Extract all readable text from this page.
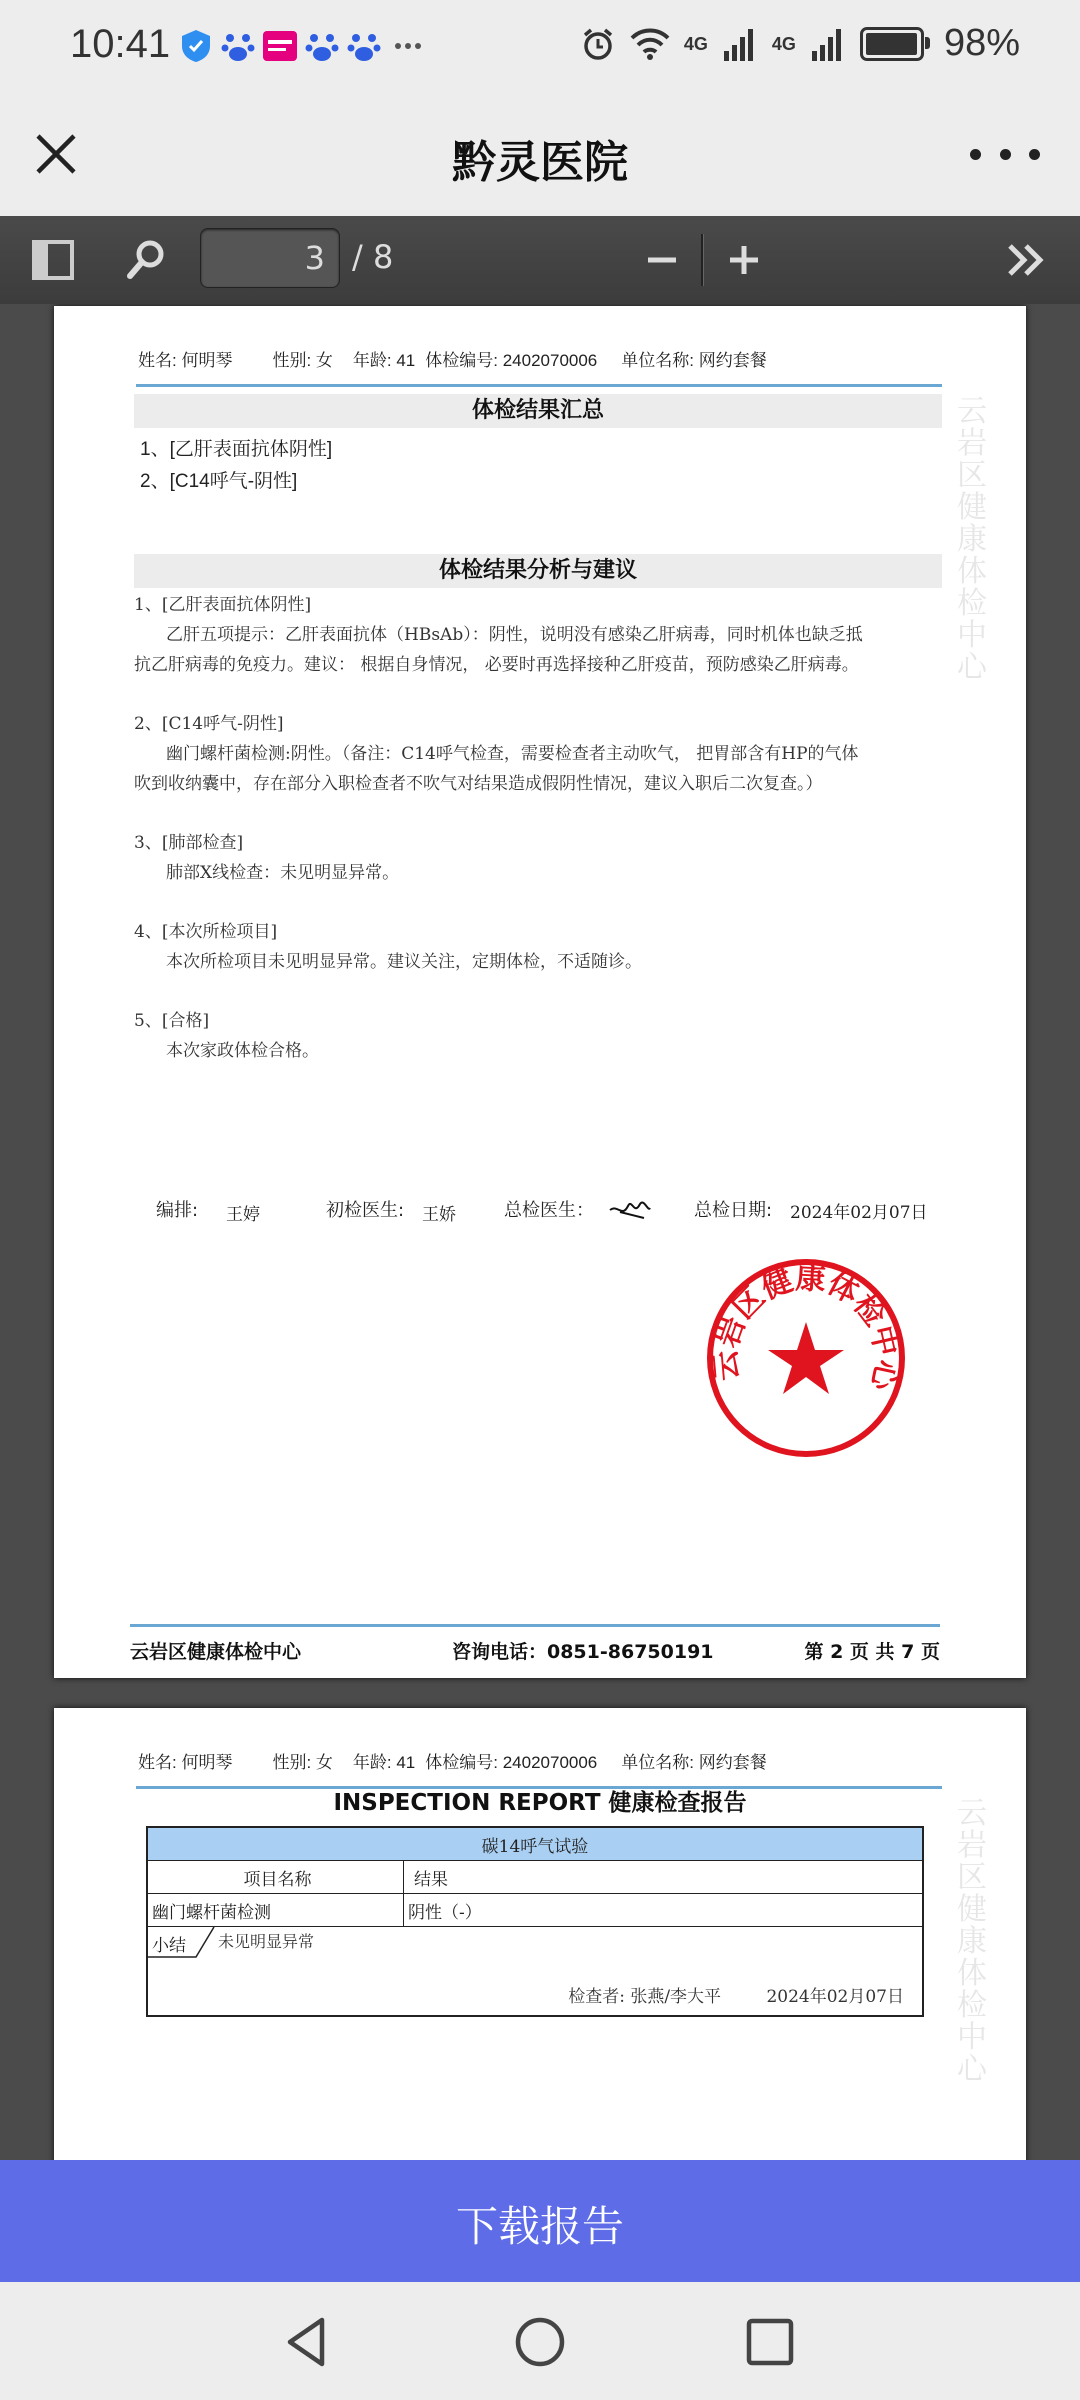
10:41	4G	4G	98%
黔灵医院
3 / 8
姓名: 何明琴 性别: 女 年龄: 41 体检编号: 2402070006 单位名称: 网约套餐
体检结果汇总
1、[乙肝表面抗体阴性]
2、[C14呼气-阴性]
体检结果分析与建议
1、[乙肝表面抗体阴性]
乙肝五项提示：乙肝表面抗体（HBsAb）：阴性，说明没有感染乙肝病毒，同时机体也缺乏抵抗乙肝病毒的免疫力。建议： 根据自身情况， 必要时再选择接种乙肝疫苗，预防感染乙肝病毒。
2、[C14呼气-阴性]
幽门螺杆菌检测:阴性。（备注：C14呼气检查，需要检查者主动吹气， 把胃部含有HP的气体吹到收纳囊中，存在部分入职检查者不吹气对结果造成假阴性情况，建议入职后二次复查。）
3、[肺部检查]
肺部X线检查：未见明显异常。
4、[本次所检项目]
本次所检项目未见明显异常。建议关注，定期体检，不适随诊。
5、[合格]
本次家政体检合格。
编排: 王婷	初检医生: 王娇	总检医生：	总检日期: 2024年02月07日
云岩区健康体检中心
云岩区健康体检中心
云岩区健康体检中心	咨询电话：0851-86750191	第 2 页 共 7 页
姓名: 何明琴 性别: 女 年龄: 41 体检编号: 2402070006 单位名称: 网约套餐
INSPECTION REPORT 健康检查报告
碳14呼气试验
项目名称	结果
幽门螺杆菌检测	阴性（-）
小结 未见明显异常
检查者: 张燕/李大平	2024年02月07日
云岩区健康体检中心
下载报告
